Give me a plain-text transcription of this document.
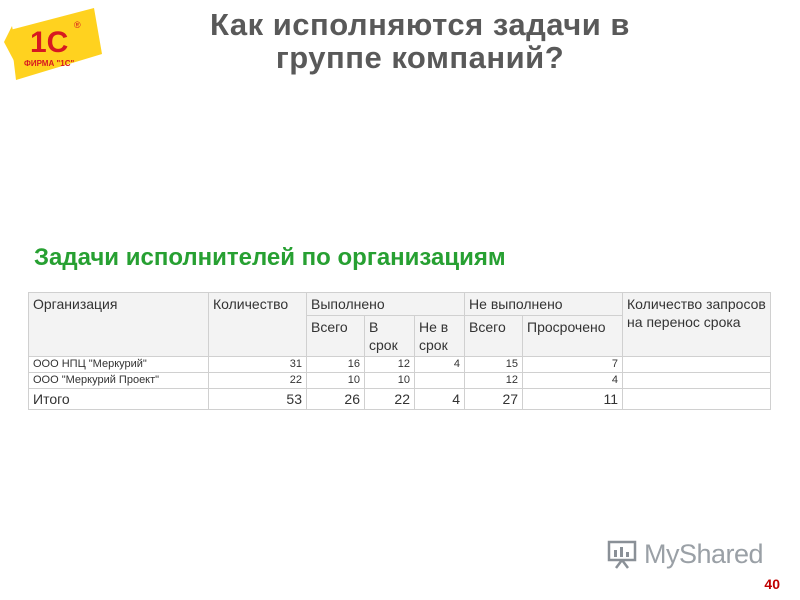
1С
®
ФИРМА "1С"
Как исполняются задачи в
группе компаний?
Задачи исполнителей по организациям
Организация	Количество	Выполнено			Не выполнено		Количество запросов на перенос срока
		Всего	В срок	Не в срок	Всего	Просрочено	
ООО НПЦ "Меркурий"	31	16	12	4	15	7	
ООО "Меркурий Проект"	22	10	10		12	4	
Итого	53	26	22	4	27	11	
MyShared
40
